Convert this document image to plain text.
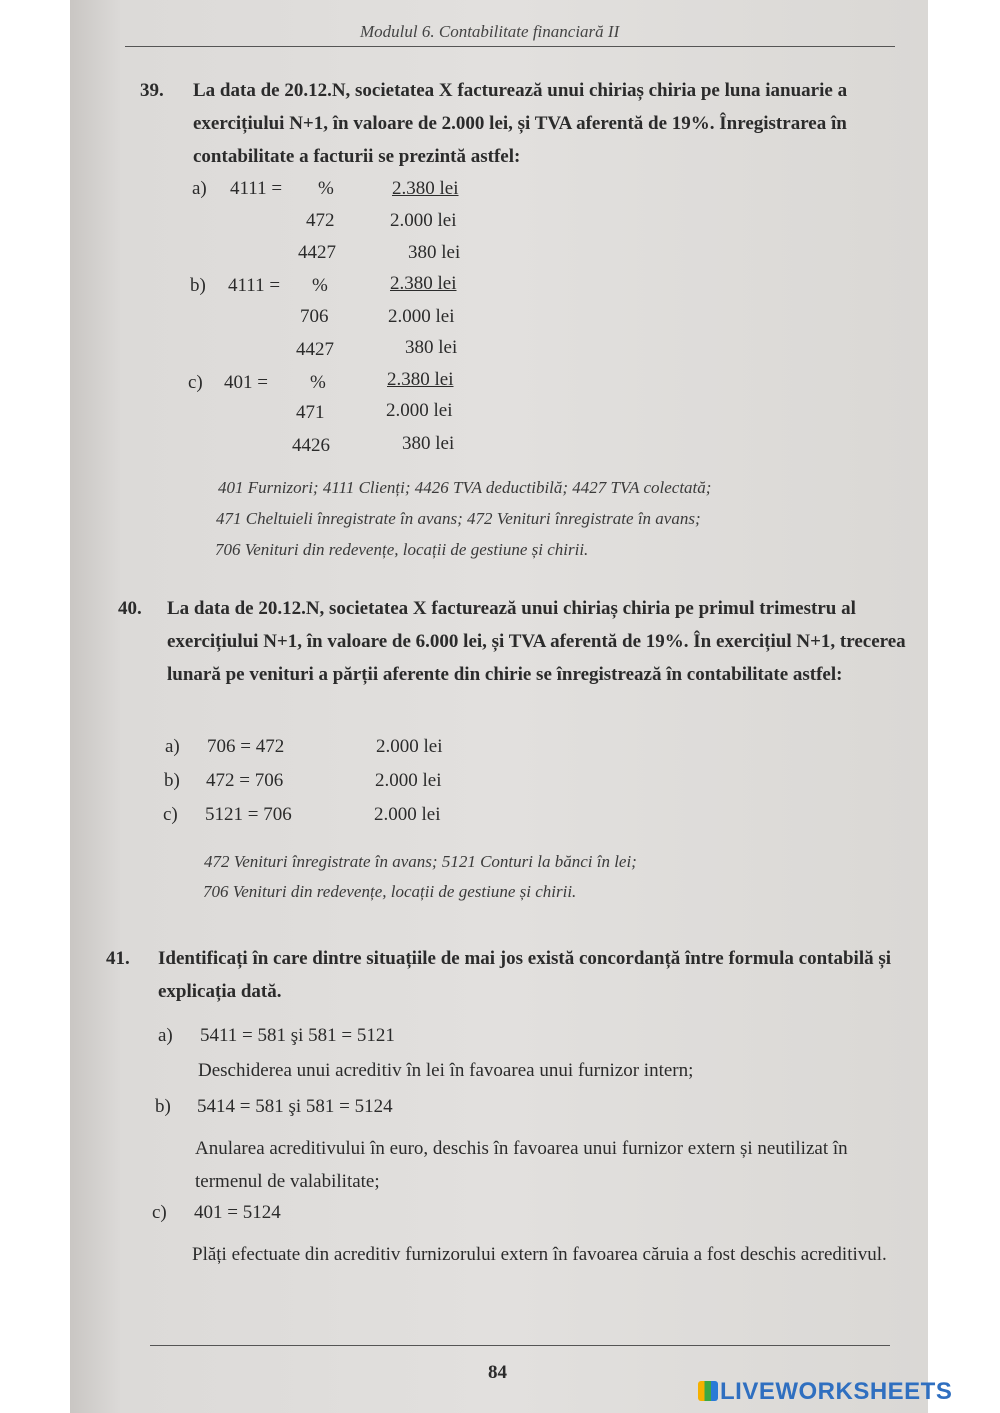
Modulul 6. Contabilitate financiară II
39. La data de 20.12.N, societatea X facturează unui chiriaș chiria pe luna ianuarie a exercițiului N+1, în valoare de 2.000 lei, și TVA aferentă de 19%. Înregistrarea în contabilitate a facturii se prezintă astfel:
a) 4111 = %	2.380 lei
472	2.000 lei
4427	380 lei
b) 4111 = %	2.380 lei
706	2.000 lei
4427	380 lei
c) 401 = %	2.380 lei
471	2.000 lei
4426	380 lei
401 Furnizori; 4111 Clienți; 4426 TVA deductibilă; 4427 TVA colectată;
471 Cheltuieli înregistrate în avans; 472 Venituri înregistrate în avans;
706 Venituri din redevențe, locații de gestiune și chirii.
40. La data de 20.12.N, societatea X facturează unui chiriaș chiria pe primul trimestru al exercițiului N+1, în valoare de 6.000 lei, și TVA aferentă de 19%. În exercițiul N+1, trecerea lunară pe venituri a părții aferente din chirie se înregistrează în contabilitate astfel:
a) 706 = 472	2.000 lei
b) 472 = 706	2.000 lei
c) 5121 = 706	2.000 lei
472 Venituri înregistrate în avans; 5121 Conturi la bănci în lei;
706 Venituri din redevențe, locații de gestiune și chirii.
41. Identificați în care dintre situațiile de mai jos există concordanță între formula contabilă și explicația dată.
a) 5411 = 581 şi 581 = 5121
Deschiderea unui acreditiv în lei în favoarea unui furnizor intern;
b) 5414 = 581 şi 581 = 5124
Anularea acreditivului în euro, deschis în favoarea unui furnizor extern și neutilizat în termenul de valabilitate;
c) 401 = 5124
Plăți efectuate din acreditiv furnizorului extern în favoarea căruia a fost deschis acreditivul.
84
LIVEWORKSHEETS
